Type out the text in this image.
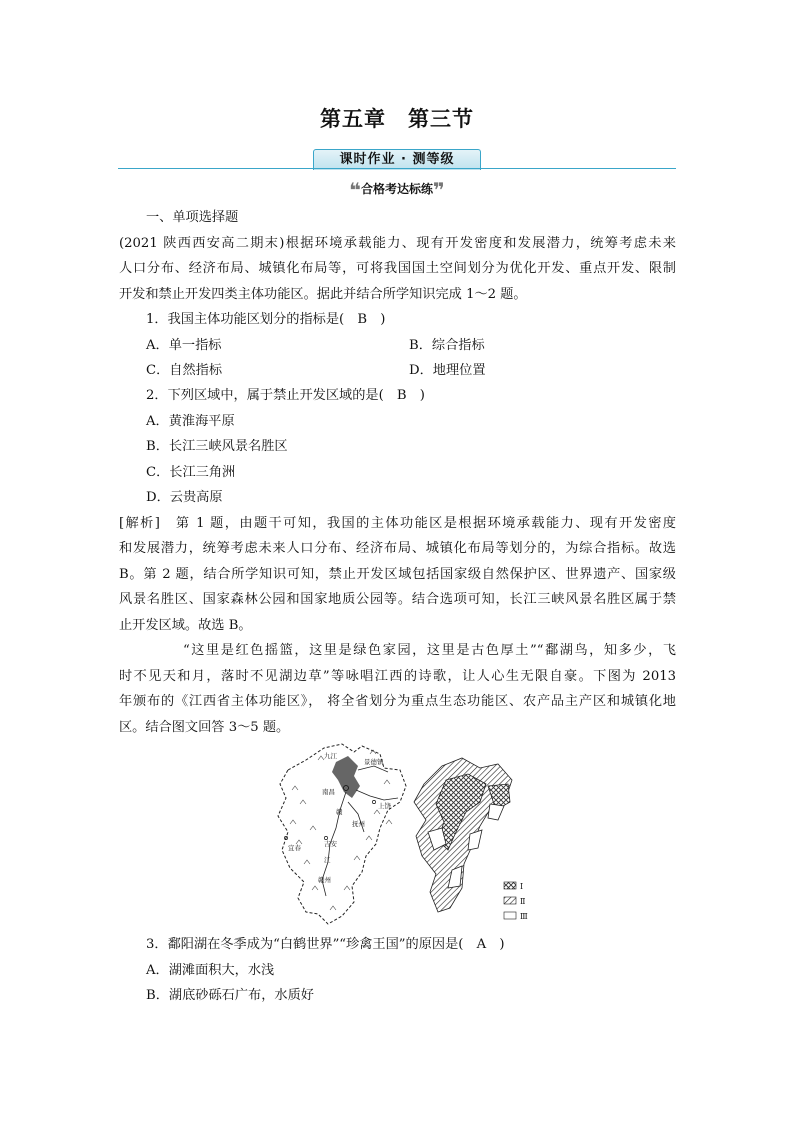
第五章 第三节
课时作业 · 测等级
❝合格考达标练❞
一、单项选择题
(2021 陕西西安高二期末)根据环境承载能力、现有开发密度和发展潜力，统筹考虑未来
人口分布、经济布局、城镇化布局等，可将我国国土空间划分为优化开发、重点开发、限制
开发和禁止开发四类主体功能区。据此并结合所学知识完成 1～2 题。
1．我国主体功能区划分的指标是(　B　)
A．单一指标	B．综合指标
C．自然指标	D．地理位置
2．下列区域中，属于禁止开发区域的是(　B　)
A．黄淮海平原
B．长江三峡风景名胜区
C．长江三角洲
D．云贵高原
[解析]　第 1 题，由题干可知，我国的主体功能区是根据环境承载能力、现有开发密度
和发展潜力，统筹考虑未来人口分布、经济布局、城镇化布局等划分的，为综合指标。故选
B。第 2 题，结合所学知识可知，禁止开发区域包括国家级自然保护区、世界遗产、国家级
风景名胜区、国家森林公园和国家地质公园等。结合选项可知，长江三峡风景名胜区属于禁
止开发区域。故选 B。
“这里是红色摇篮，这里是绿色家园，这里是古色厚土”“鄱湖鸟，知多少，飞
时不见天和月，落时不见湖边草”等咏唱江西的诗歌，让人心生无限自豪。下图为 2013
年颁布的《江西省主体功能区》， 将全省划分为重点生态功能区、农产品主产区和城镇化地
区。结合图文回答 3～5 题。
九江
景德镇
南昌
上饶
抚州
吉安
宜春
赣州
赣
江
Ⅰ
Ⅱ
Ⅲ
3．鄱阳湖在冬季成为“白鹤世界”“珍禽王国”的原因是(　A　)
A．湖滩面积大，水浅
B．湖底砂砾石广布，水质好
